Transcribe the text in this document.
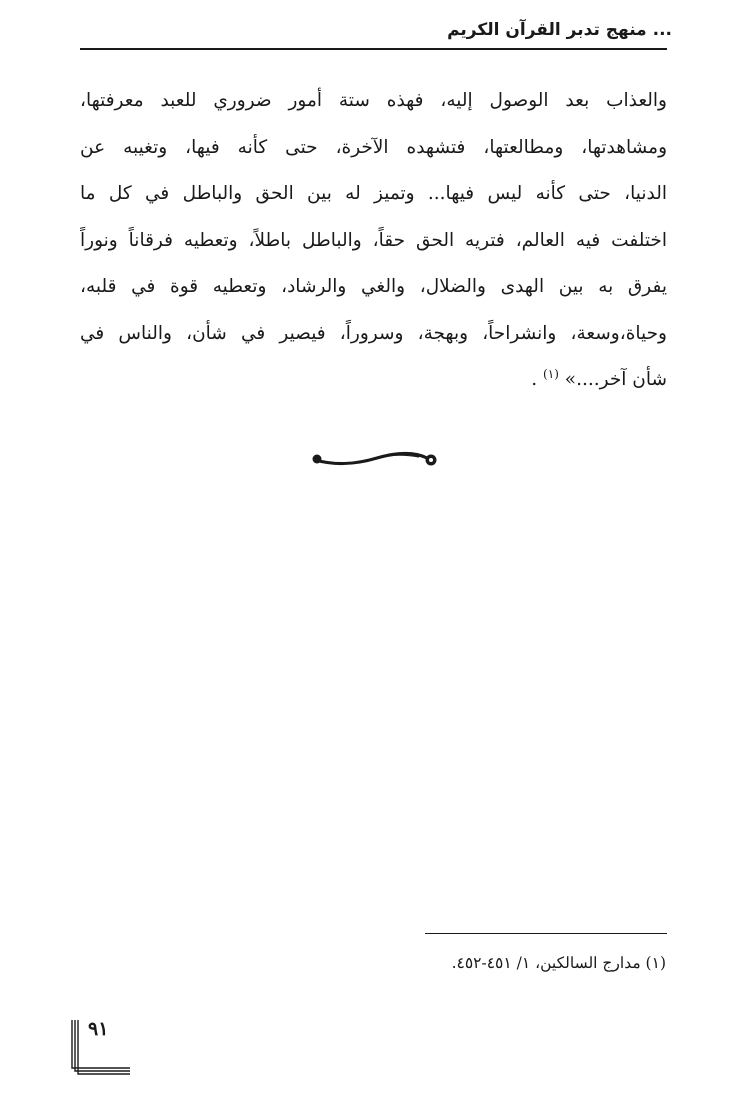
... منهج تدبر القرآن الكريم
والعذاب بعد الوصول إليه، فهذه ستة أمور ضروري للعبد معرفتها،
ومشاهدتها، ومطالعتها، فتشهده الآخرة، حتى كأنه فيها، وتغيبه عن
الدنيا، حتى كأنه ليس فيها... وتميز له بين الحق والباطل في كل ما
اختلفت فيه العالم، فتريه الحق حقاً، والباطل باطلاً، وتعطيه فرقاناً ونوراً
يفرق به بين الهدى والضلال، والغي والرشاد، وتعطيه قوة في قلبه،
وحياة،وسعة، وانشراحاً، وبهجة، وسروراً، فيصير في شأن، والناس في
شأن آخر....» $^{(١)}$ .
(١) مدارج السالكين، ١/ ٤٥١-٤٥٢.
٩١
